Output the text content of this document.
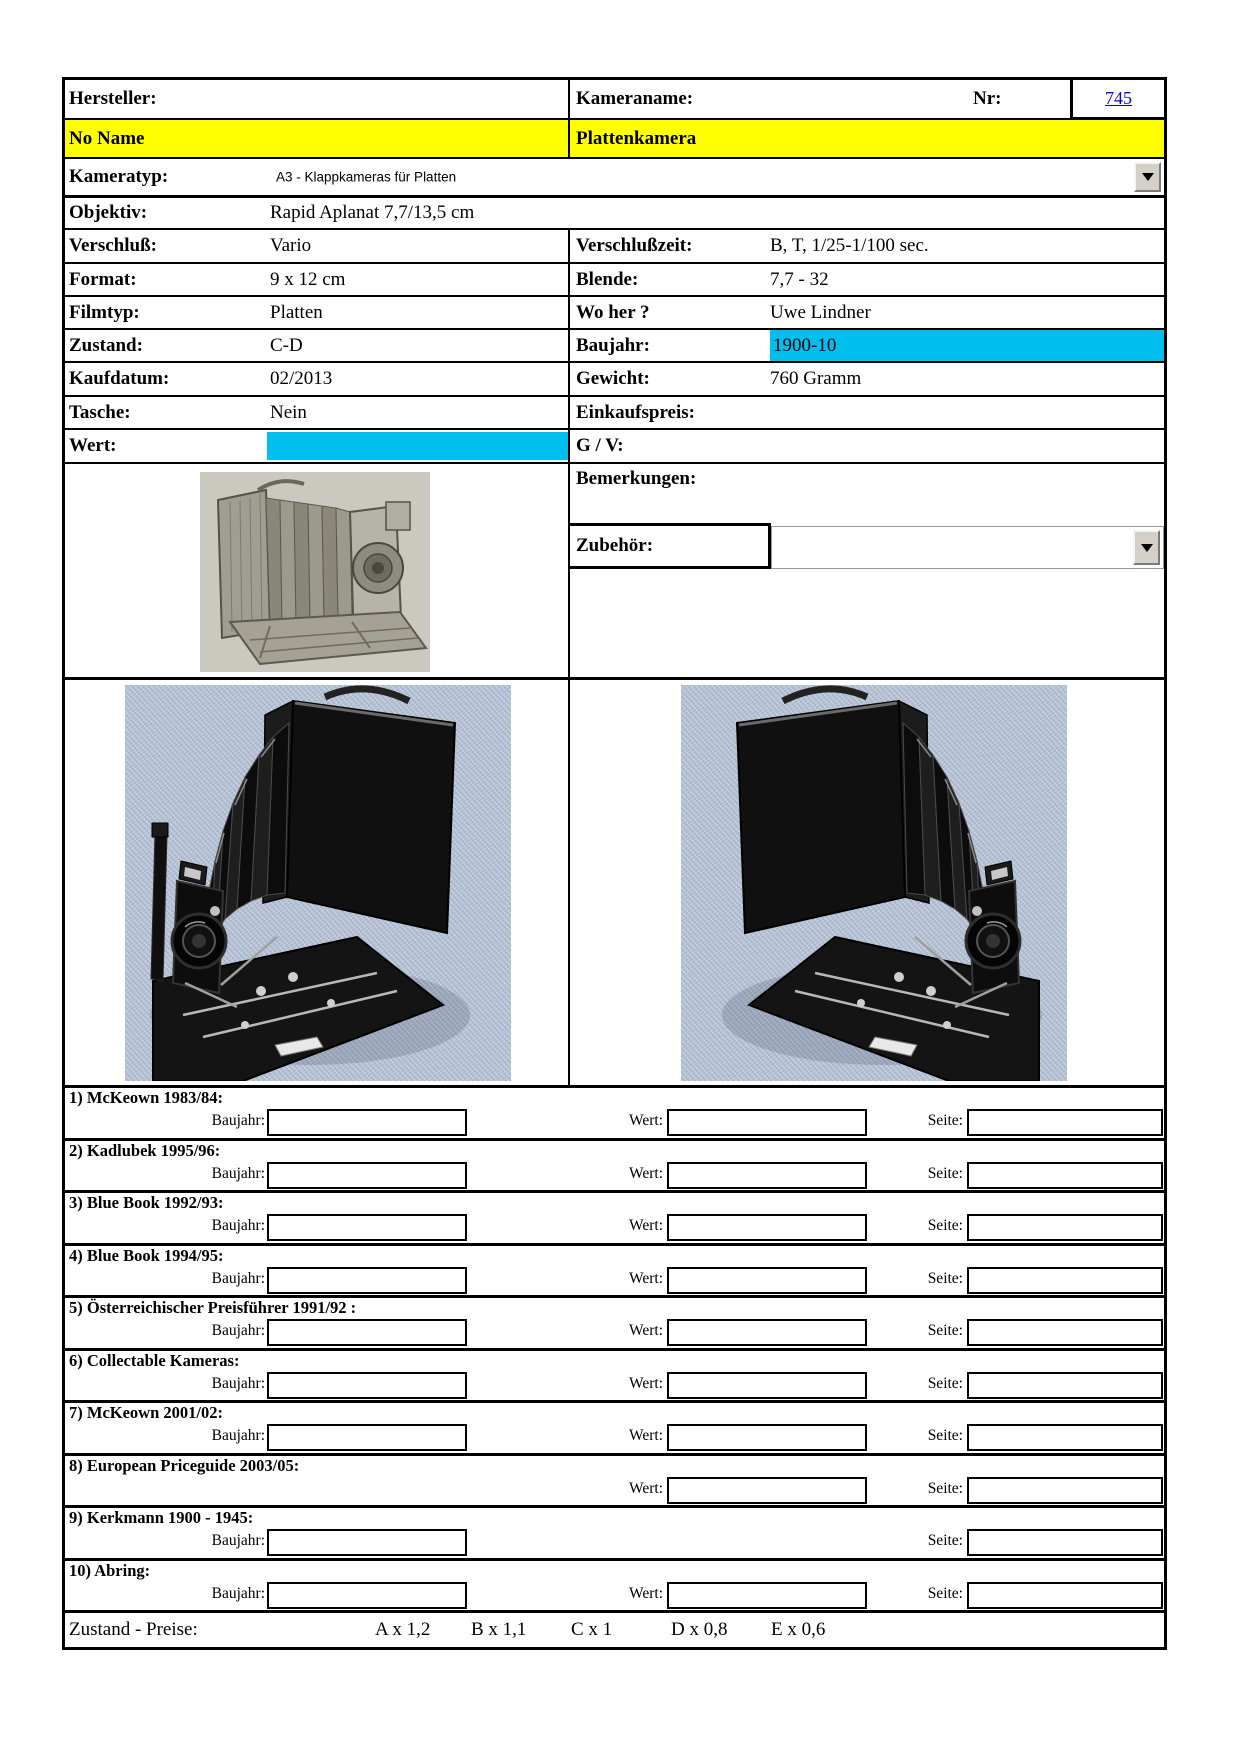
Hersteller:	Kameraname:	Nr:	745
No Name	Plattenkamera
Kameratyp:	A3 - Klappkameras für Platten
Objektiv:	Rapid Aplanat 7,7/13,5 cm
Verschluß:	Vario	Verschlußzeit:	B, T, 1/25-1/100 sec.
Format:	9 x 12 cm	Blende:	7,7 - 32
Filmtyp:	Platten	Wo her ?	Uwe Lindner
Zustand:	C-D	Baujahr:	1900-10
Kaufdatum:	02/2013	Gewicht:	760 Gramm
Tasche:	Nein	Einkaufspreis:
Wert:	G / V:
Bemerkungen:
Zubehör:
1) McKeown 1983/84:
Baujahr:	Wert:	Seite:
2) Kadlubek 1995/96:
Baujahr:	Wert:	Seite:
3) Blue Book 1992/93:
Baujahr:	Wert:	Seite:
4) Blue Book 1994/95:
Baujahr:	Wert:	Seite:
5) Österreichischer Preisführer 1991/92 :
Baujahr:	Wert:	Seite:
6) Collectable Kameras:
Baujahr:	Wert:	Seite:
7) McKeown 2001/02:
Baujahr:	Wert:	Seite:
8) European Priceguide 2003/05:
Wert:	Seite:
9) Kerkmann 1900 - 1945:
Baujahr:	Seite:
10) Abring:
Baujahr:	Wert:	Seite:
Zustand - Preise:	A x 1,2 B x 1,1 C x 1	D x 0,8 E x 0,6
